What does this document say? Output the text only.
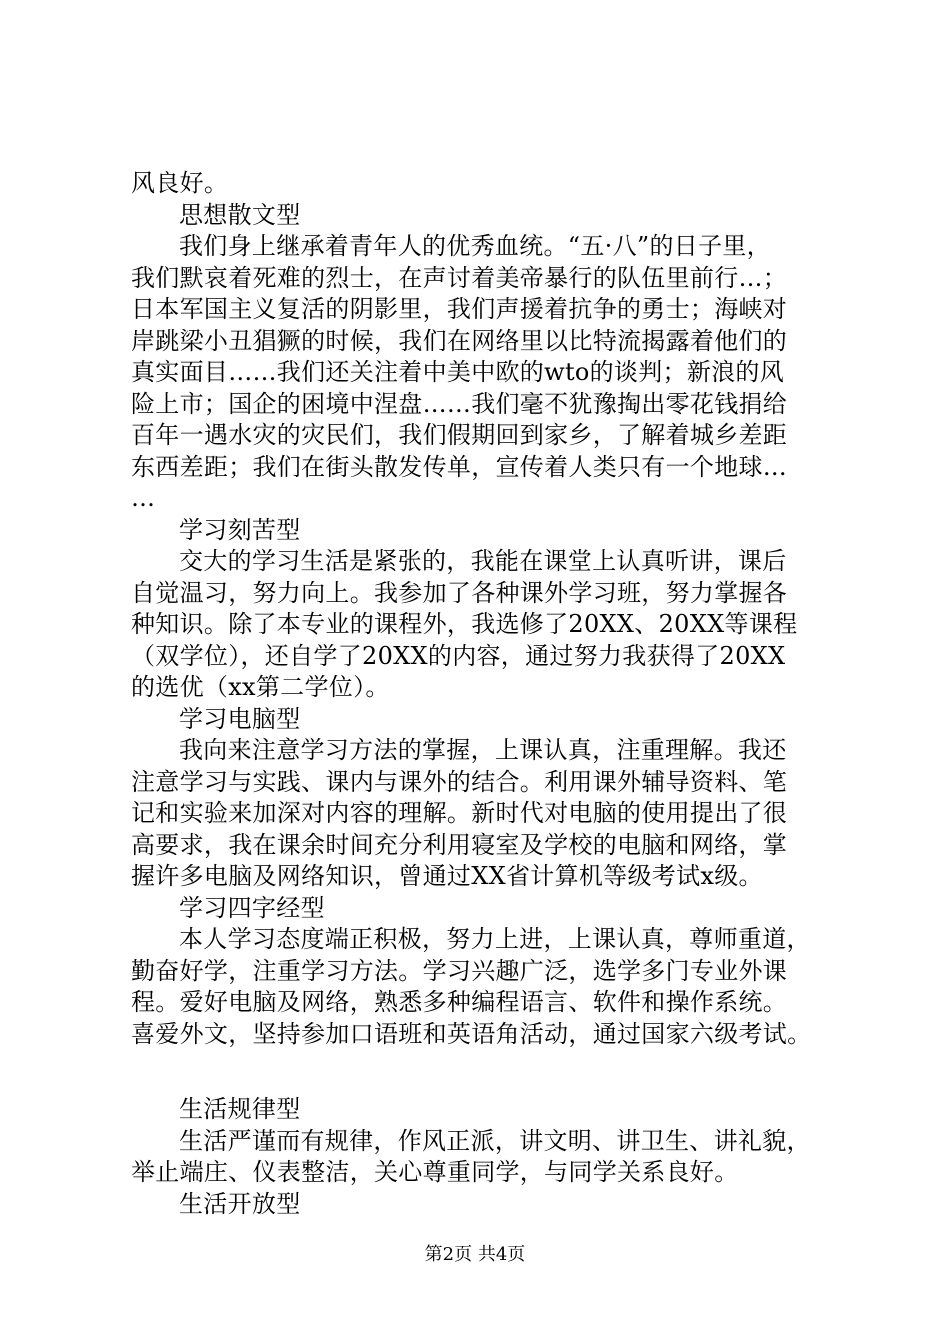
风良好。
思想散文型
我们身上继承着青年人的优秀血统。“五·八”的日子里，
我们默哀着死难的烈士，在声讨着美帝暴行的队伍里前行…；
日本军国主义复活的阴影里，我们声援着抗争的勇士；海峡对
岸跳梁小丑猖獗的时候，我们在网络里以比特流揭露着他们的
真实面目……我们还关注着中美中欧的wto的谈判；新浪的风
险上市；国企的困境中涅盘……我们毫不犹豫掏出零花钱捐给
百年一遇水灾的灾民们，我们假期回到家乡，了解着城乡差距
东西差距；我们在街头散发传单，宣传着人类只有一个地球…
…
学习刻苦型
交大的学习生活是紧张的，我能在课堂上认真听讲，课后
自觉温习，努力向上。我参加了各种课外学习班，努力掌握各
种知识。除了本专业的课程外，我选修了20XX、20XX等课程
（双学位），还自学了20XX的内容，通过努力我获得了20XX
的选优（xx第二学位）。
学习电脑型
我向来注意学习方法的掌握，上课认真，注重理解。我还
注意学习与实践、课内与课外的结合。利用课外辅导资料、笔
记和实验来加深对内容的理解。新时代对电脑的使用提出了很
高要求，我在课余时间充分利用寝室及学校的电脑和网络，掌
握许多电脑及网络知识，曾通过XX省计算机等级考试x级。
学习四字经型
本人学习态度端正积极，努力上进，上课认真，尊师重道，
勤奋好学，注重学习方法。学习兴趣广泛，选学多门专业外课
程。爱好电脑及网络，熟悉多种编程语言、软件和操作系统。
喜爱外文，坚持参加口语班和英语角活动，通过国家六级考试。
生活规律型
生活严谨而有规律，作风正派，讲文明、讲卫生、讲礼貌，
举止端庄、仪表整洁，关心尊重同学，与同学关系良好。
生活开放型
第2页 共4页
